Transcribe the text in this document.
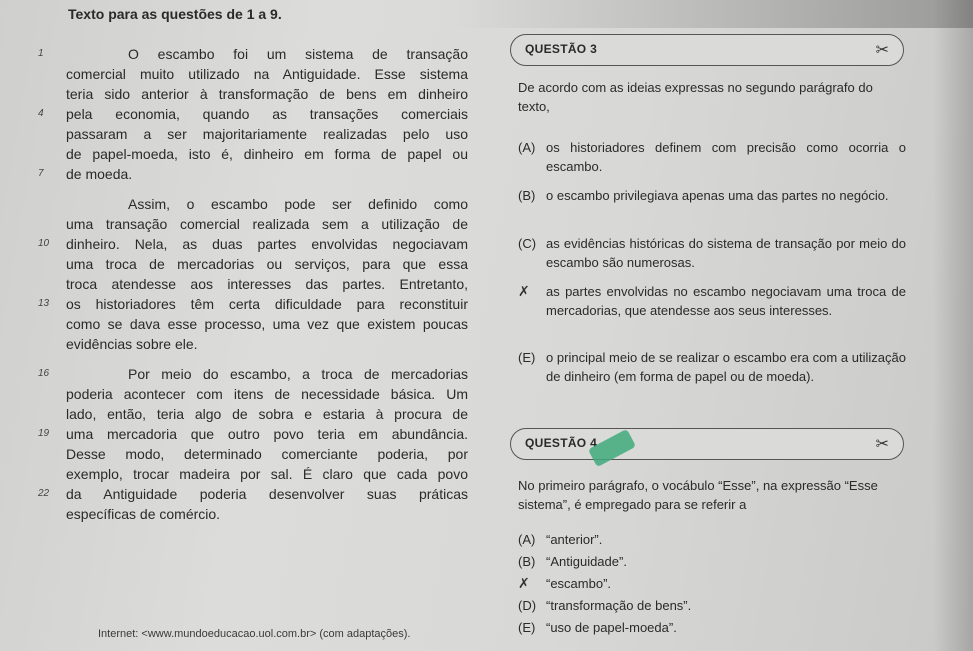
Texto para as questões de 1 a 9.
1	O escambo foi um sistema de transação
comercial muito utilizado na Antiguidade. Esse sistema
teria sido anterior à transformação de bens em dinheiro
4	pela economia, quando as transações comerciais
passaram a ser majoritariamente realizadas pelo uso
de papel-moeda, isto é, dinheiro em forma de papel ou
7	de moeda.
Assim, o escambo pode ser definido como
uma transação comercial realizada sem a utilização de
10	dinheiro. Nela, as duas partes envolvidas negociavam
uma troca de mercadorias ou serviços, para que essa
troca atendesse aos interesses das partes. Entretanto,
13	os historiadores têm certa dificuldade para reconstituir
como se dava esse processo, uma vez que existem poucas
evidências sobre ele.
16	Por meio do escambo, a troca de mercadorias
poderia acontecer com itens de necessidade básica. Um
lado, então, teria algo de sobra e estaria à procura de
19	uma mercadoria que outro povo teria em abundância.
Desse modo, determinado comerciante poderia, por
exemplo, trocar madeira por sal. É claro que cada povo
22	da Antiguidade poderia desenvolver suas práticas
específicas de comércio.
Internet: <www.mundoeducacao.uol.com.br> (com adaptações).
QUESTÃO 3	✂
De acordo com as ideias expressas no segundo parágrafo do texto,
(A) os historiadores definem com precisão como ocorria o escambo.
(B) o escambo privilegiava apenas uma das partes no negócio.
(C) as evidências históricas do sistema de transação por meio do escambo são numerosas.
✗	as partes envolvidas no escambo negociavam uma troca de mercadorias, que atendesse aos seus interesses.
(E) o principal meio de se realizar o escambo era com a utilização de dinheiro (em forma de papel ou de moeda).
QUESTÃO 4	✂
No primeiro parágrafo, o vocábulo “Esse”, na expressão “Esse sistema”, é empregado para se referir a
(A) “anterior”.
(B) “Antiguidade”.
✗	“escambo”.
(D) “transformação de bens”.
(E) “uso de papel-moeda”.
